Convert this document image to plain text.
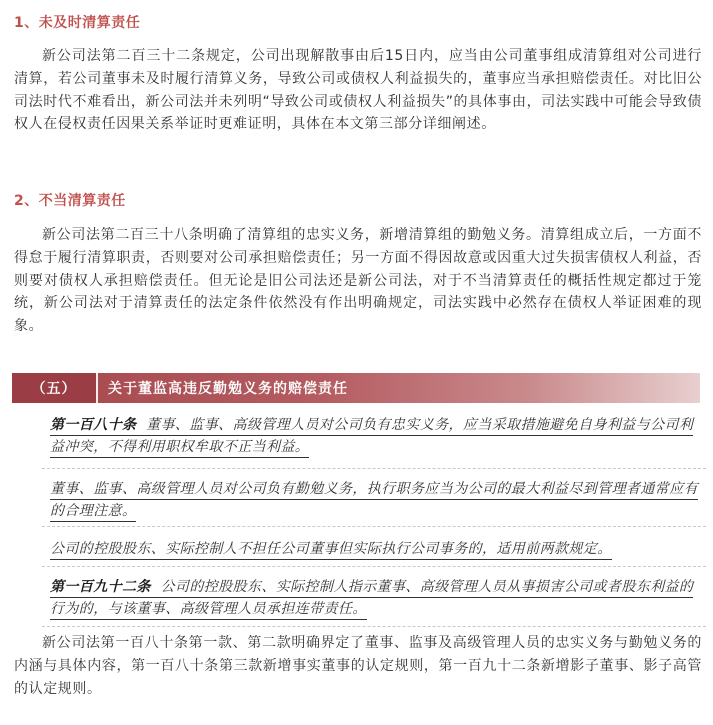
1、未及时清算责任

新公司法第二百三十二条规定，公司出现解散事由后15日内，应当由公司董事组成清算组对公司进行清算，若公司董事未及时履行清算义务，导致公司或债权人利益损失的，董事应当承担赔偿责任。对比旧公司法时代不难看出，新公司法并未列明“导致公司或债权人利益损失”的具体事由，司法实践中可能会导致债权人在侵权责任因果关系举证时更难证明，具体在本文第三部分详细阐述。

2、不当清算责任

新公司法第二百三十八条明确了清算组的忠实义务，新增清算组的勤勉义务。清算组成立后，一方面不得怠于履行清算职责，否则要对公司承担赔偿责任；另一方面不得因故意或因重大过失损害债权人利益，否则要对债权人承担赔偿责任。但无论是旧公司法还是新公司法，对于不当清算责任的概括性规定都过于笼统，新公司法对于清算责任的法定条件依然没有作出明确规定，司法实践中必然存在债权人举证困难的现象。

（五）	关于董监高违反勤勉义务的赔偿责任

第一百八十条 董事、监事、高级管理人员对公司负有忠实义务，应当采取措施避免自身利益与公司利益冲突，不得利用职权牟取不正当利益。

董事、监事、高级管理人员对公司负有勤勉义务，执行职务应当为公司的最大利益尽到管理者通常应有的合理注意。

公司的控股股东、实际控制人不担任公司董事但实际执行公司事务的，适用前两款规定。

第一百九十二条 公司的控股股东、实际控制人指示董事、高级管理人员从事损害公司或者股东利益的行为的，与该董事、高级管理人员承担连带责任。

新公司法第一百八十条第一款、第二款明确界定了董事、监事及高级管理人员的忠实义务与勤勉义务的内涵与具体内容，第一百八十条第三款新增事实董事的认定规则，第一百九十二条新增影子董事、影子高管的认定规则。
